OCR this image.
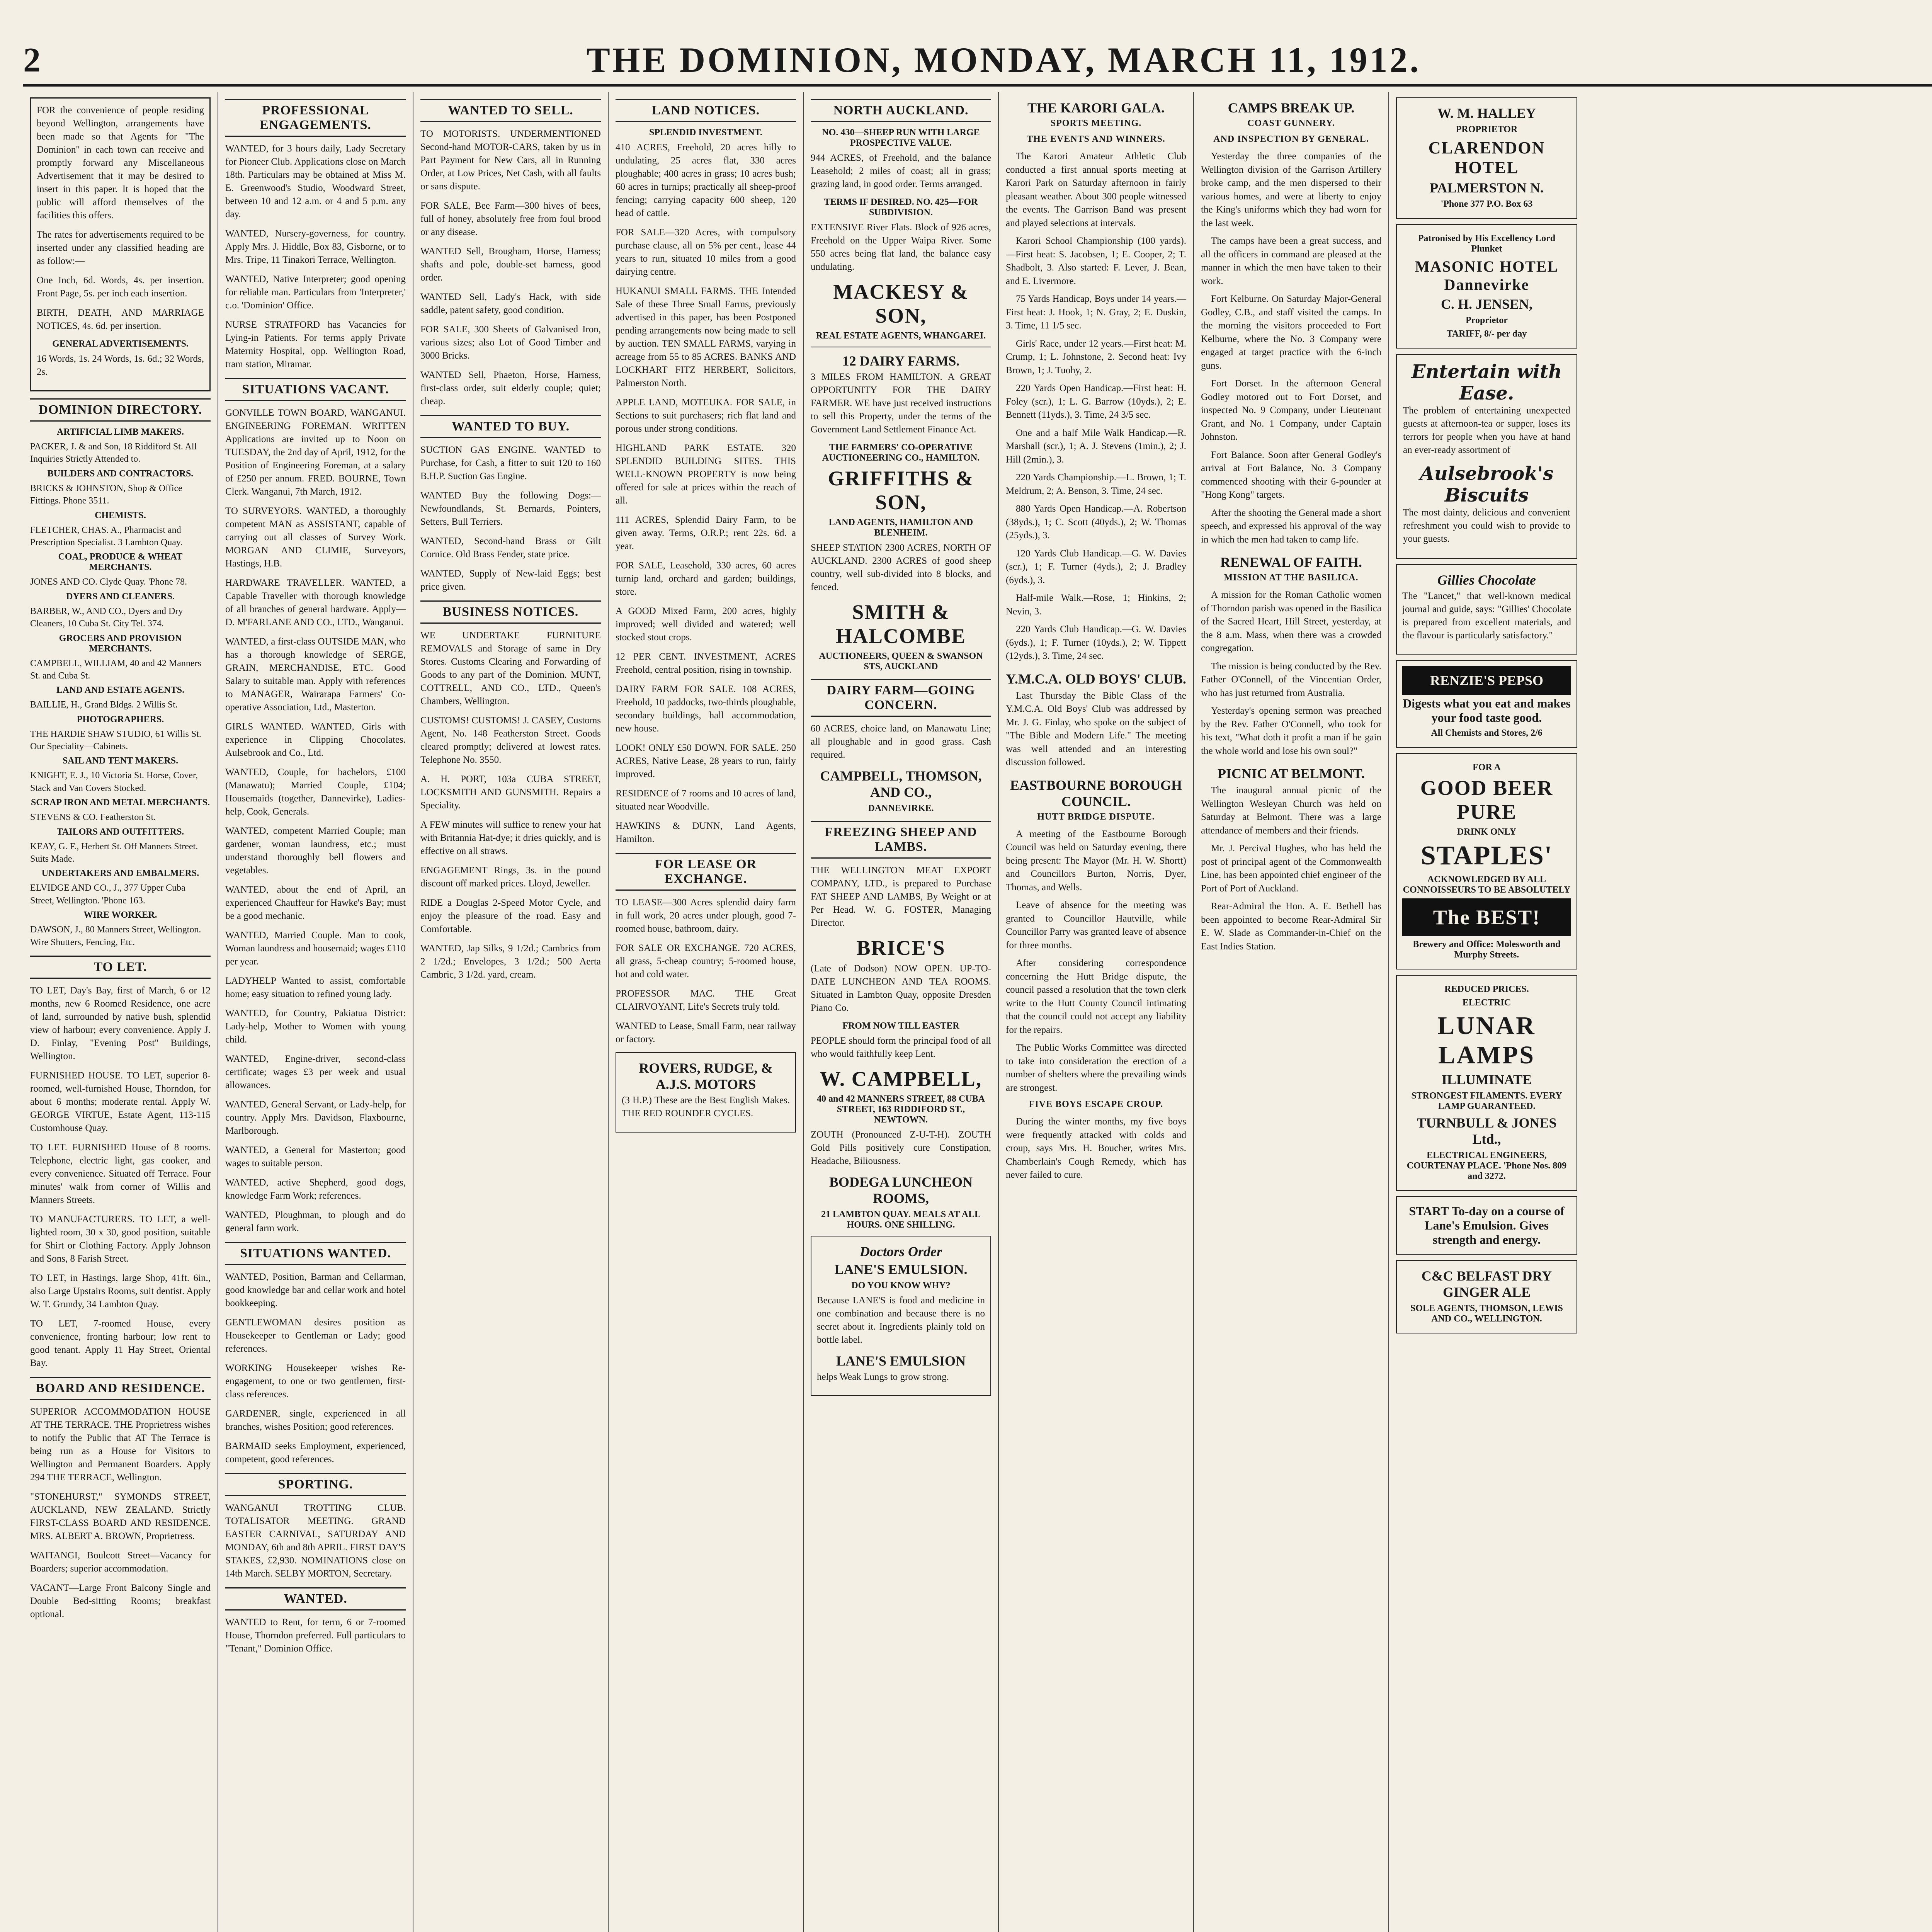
2	THE DOMINION, MONDAY, MARCH 11, 1912.
FOR the convenience of people residing beyond Wellington, arrangements have been made so that Agents for "The Dominion" in each town can receive and promptly forward any Miscellaneous Advertisement that it may be desired to insert in this paper. It is hoped that the public will afford themselves of the facilities this offers.
The rates for advertisements required to be inserted under any classified heading are as follow:—
One Inch, 6d. Words, 4s. per insertion. Front Page, 5s. per inch each insertion.
BIRTH, DEATH, AND MARRIAGE NOTICES, 4s. 6d. per insertion.
GENERAL ADVERTISEMENTS.
16 Words, 1s. 24 Words, 1s. 6d.; 32 Words, 2s.
DOMINION DIRECTORY.
ARTIFICIAL LIMB MAKERS.
PACKER, J. & and Son, 18 Riddiford St. All Inquiries Strictly Attended to.
BUILDERS AND CONTRACTORS.
BRICKS & JOHNSTON, Shop & Office Fittings. Phone 3511.
CHEMISTS.
FLETCHER, CHAS. A., Pharmacist and Prescription Specialist. 3 Lambton Quay.
COAL, PRODUCE & WHEAT MERCHANTS.
JONES AND CO. Clyde Quay. 'Phone 78.
DYERS AND CLEANERS.
BARBER, W., AND CO., Dyers and Dry Cleaners, 10 Cuba St. City Tel. 374.
GROCERS AND PROVISION MERCHANTS.
CAMPBELL, WILLIAM, 40 and 42 Manners St. and Cuba St.
LAND AND ESTATE AGENTS.
BAILLIE, H., Grand Bldgs. 2 Willis St.
PHOTOGRAPHERS.
THE HARDIE SHAW STUDIO, 61 Willis St. Our Speciality—Cabinets.
SAIL AND TENT MAKERS.
KNIGHT, E. J., 10 Victoria St. Horse, Cover, Stack and Van Covers Stocked.
SCRAP IRON AND METAL MERCHANTS.
STEVENS & CO. Featherston St.
TAILORS AND OUTFITTERS.
KEAY, G. F., Herbert St. Off Manners Street. Suits Made.
UNDERTAKERS AND EMBALMERS.
ELVIDGE AND CO., J., 377 Upper Cuba Street, Wellington. 'Phone 163.
WIRE WORKER.
DAWSON, J., 80 Manners Street, Wellington. Wire Shutters, Fencing, Etc.
TO LET.
TO LET, Day's Bay, first of March, 6 or 12 months, new 6 Roomed Residence, one acre of land, surrounded by native bush, splendid view of harbour; every convenience. Apply J. D. Finlay, "Evening Post" Buildings, Wellington.
FURNISHED HOUSE. TO LET, superior 8-roomed, well-furnished House, Thorndon, for about 6 months; moderate rental. Apply W. GEORGE VIRTUE, Estate Agent, 113-115 Customhouse Quay.
TO LET. FURNISHED House of 8 rooms. Telephone, electric light, gas cooker, and every convenience. Situated off Terrace. Four minutes' walk from corner of Willis and Manners Streets.
TO MANUFACTURERS. TO LET, a well-lighted room, 30 x 30, good position, suitable for Shirt or Clothing Factory. Apply Johnson and Sons, 8 Farish Street.
TO LET, in Hastings, large Shop, 41ft. 6in., also Large Upstairs Rooms, suit dentist. Apply W. T. Grundy, 34 Lambton Quay.
TO LET, 7-roomed House, every convenience, fronting harbour; low rent to good tenant. Apply 11 Hay Street, Oriental Bay.
BOARD AND RESIDENCE.
SUPERIOR ACCOMMODATION HOUSE AT THE TERRACE. THE Proprietress wishes to notify the Public that AT The Terrace is being run as a House for Visitors to Wellington and Permanent Boarders. Apply 294 THE TERRACE, Wellington.
"STONEHURST," SYMONDS STREET, AUCKLAND, NEW ZEALAND. Strictly FIRST-CLASS BOARD AND RESIDENCE. MRS. ALBERT A. BROWN, Proprietress.
WAITANGI, Boulcott Street—Vacancy for Boarders; superior accommodation.
VACANT—Large Front Balcony Single and Double Bed-sitting Rooms; breakfast optional.
PROFESSIONAL ENGAGEMENTS.
WANTED, for 3 hours daily, Lady Secretary for Pioneer Club. Applications close on March 18th. Particulars may be obtained at Miss M. E. Greenwood's Studio, Woodward Street, between 10 and 12 a.m. or 4 and 5 p.m. any day.
WANTED, Nursery-governess, for country. Apply Mrs. J. Hiddle, Box 83, Gisborne, or to Mrs. Tripe, 11 Tinakori Terrace, Wellington.
WANTED, Native Interpreter; good opening for reliable man. Particulars from 'Interpreter,' c.o. 'Dominion' Office.
NURSE STRATFORD has Vacancies for Lying-in Patients. For terms apply Private Maternity Hospital, opp. Wellington Road, tram station, Miramar.
SITUATIONS VACANT.
GONVILLE TOWN BOARD, WANGANUI. ENGINEERING FOREMAN. WRITTEN Applications are invited up to Noon on TUESDAY, the 2nd day of April, 1912, for the Position of Engineering Foreman, at a salary of £250 per annum. FRED. BOURNE, Town Clerk. Wanganui, 7th March, 1912.
TO SURVEYORS. WANTED, a thoroughly competent MAN as ASSISTANT, capable of carrying out all classes of Survey Work. MORGAN AND CLIMIE, Surveyors, Hastings, H.B.
HARDWARE TRAVELLER. WANTED, a Capable Traveller with thorough knowledge of all branches of general hardware. Apply— D. M'FARLANE AND CO., LTD., Wanganui.
WANTED, a first-class OUTSIDE MAN, who has a thorough knowledge of SERGE, GRAIN, MERCHANDISE, ETC. Good Salary to suitable man. Apply with references to MANAGER, Wairarapa Farmers' Co-operative Association, Ltd., Masterton.
GIRLS WANTED. WANTED, Girls with experience in Clipping Chocolates. Aulsebrook and Co., Ltd.
WANTED, Couple, for bachelors, £100 (Manawatu); Married Couple, £104; Housemaids (together, Dannevirke), Ladies-help, Cook, Generals.
WANTED, competent Married Couple; man gardener, woman laundress, etc.; must understand thoroughly bell flowers and vegetables.
WANTED, about the end of April, an experienced Chauffeur for Hawke's Bay; must be a good mechanic.
WANTED, Married Couple. Man to cook, Woman laundress and housemaid; wages £110 per year.
LADYHELP Wanted to assist, comfortable home; easy situation to refined young lady.
WANTED, for Country, Pakiatua District: Lady-help, Mother to Women with young child.
WANTED, Engine-driver, second-class certificate; wages £3 per week and usual allowances.
WANTED, General Servant, or Lady-help, for country. Apply Mrs. Davidson, Flaxbourne, Marlborough.
WANTED, a General for Masterton; good wages to suitable person.
WANTED, active Shepherd, good dogs, knowledge Farm Work; references.
WANTED, Ploughman, to plough and do general farm work.
SITUATIONS WANTED.
WANTED, Position, Barman and Cellarman, good knowledge bar and cellar work and hotel bookkeeping.
GENTLEWOMAN desires position as Housekeeper to Gentleman or Lady; good references.
WORKING Housekeeper wishes Re-engagement, to one or two gentlemen, first-class references.
GARDENER, single, experienced in all branches, wishes Position; good references.
BARMAID seeks Employment, experienced, competent, good references.
SPORTING.
WANGANUI TROTTING CLUB. TOTALISATOR MEETING. GRAND EASTER CARNIVAL, SATURDAY AND MONDAY, 6th and 8th APRIL. FIRST DAY'S STAKES, £2,930. NOMINATIONS close on 14th March. SELBY MORTON, Secretary.
WANTED.
WANTED to Rent, for term, 6 or 7-roomed House, Thorndon preferred. Full particulars to "Tenant," Dominion Office.
WANTED TO SELL.
TO MOTORISTS. UNDERMENTIONED Second-hand MOTOR-CARS, taken by us in Part Payment for New Cars, all in Running Order, at Low Prices, Net Cash, with all faults or sans dispute.
FOR SALE, Bee Farm—300 hives of bees, full of honey, absolutely free from foul brood or any disease.
WANTED Sell, Brougham, Horse, Harness; shafts and pole, double-set harness, good order.
WANTED Sell, Lady's Hack, with side saddle, patent safety, good condition.
FOR SALE, 300 Sheets of Galvanised Iron, various sizes; also Lot of Good Timber and 3000 Bricks.
WANTED Sell, Phaeton, Horse, Harness, first-class order, suit elderly couple; quiet; cheap.
WANTED TO BUY.
SUCTION GAS ENGINE. WANTED to Purchase, for Cash, a fitter to suit 120 to 160 B.H.P. Suction Gas Engine.
WANTED Buy the following Dogs:— Newfoundlands, St. Bernards, Pointers, Setters, Bull Terriers.
WANTED, Second-hand Brass or Gilt Cornice. Old Brass Fender, state price.
WANTED, Supply of New-laid Eggs; best price given.
BUSINESS NOTICES.
WE UNDERTAKE FURNITURE REMOVALS and Storage of same in Dry Stores. Customs Clearing and Forwarding of Goods to any part of the Dominion. MUNT, COTTRELL, AND CO., LTD., Queen's Chambers, Wellington.
CUSTOMS! CUSTOMS! J. CASEY, Customs Agent, No. 148 Featherston Street. Goods cleared promptly; delivered at lowest rates. Telephone No. 3550.
A. H. PORT, 103a CUBA STREET, LOCKSMITH AND GUNSMITH. Repairs a Speciality.
A FEW minutes will suffice to renew your hat with Britannia Hat-dye; it dries quickly, and is effective on all straws.
ENGAGEMENT Rings, 3s. in the pound discount off marked prices. Lloyd, Jeweller.
RIDE a Douglas 2-Speed Motor Cycle, and enjoy the pleasure of the road. Easy and Comfortable.
WANTED, Jap Silks, 9 1/2d.; Cambrics from 2 1/2d.; Envelopes, 3 1/2d.; 500 Aerta Cambric, 3 1/2d. yard, cream.
LAND NOTICES.
SPLENDID INVESTMENT.
410 ACRES, Freehold, 20 acres hilly to undulating, 25 acres flat, 330 acres ploughable; 400 acres in grass; 10 acres bush; 60 acres in turnips; practically all sheep-proof fencing; carrying capacity 600 sheep, 120 head of cattle.
FOR SALE—320 Acres, with compulsory purchase clause, all on 5% per cent., lease 44 years to run, situated 10 miles from a good dairying centre.
HUKANUI SMALL FARMS. THE Intended Sale of these Three Small Farms, previously advertised in this paper, has been Postponed pending arrangements now being made to sell by auction. TEN SMALL FARMS, varying in acreage from 55 to 85 ACRES. BANKS AND LOCKHART FITZ HERBERT, Solicitors, Palmerston North.
APPLE LAND, MOTEUKA. FOR SALE, in Sections to suit purchasers; rich flat land and porous under strong conditions.
HIGHLAND PARK ESTATE. 320 SPLENDID BUILDING SITES. THIS WELL-KNOWN PROPERTY is now being offered for sale at prices within the reach of all.
111 ACRES, Splendid Dairy Farm, to be given away. Terms, O.R.P.; rent 22s. 6d. a year.
FOR SALE, Leasehold, 330 acres, 60 acres turnip land, orchard and garden; buildings, store.
A GOOD Mixed Farm, 200 acres, highly improved; well divided and watered; well stocked stout crops.
12 PER CENT. INVESTMENT, ACRES Freehold, central position, rising in township.
DAIRY FARM FOR SALE. 108 ACRES, Freehold, 10 paddocks, two-thirds ploughable, secondary buildings, hall accommodation, new house.
LOOK! ONLY £50 DOWN. FOR SALE. 250 ACRES, Native Lease, 28 years to run, fairly improved.
RESIDENCE of 7 rooms and 10 acres of land, situated near Woodville.
HAWKINS & DUNN, Land Agents, Hamilton.
FOR LEASE OR EXCHANGE.
TO LEASE—300 Acres splendid dairy farm in full work, 20 acres under plough, good 7-roomed house, bathroom, dairy.
FOR SALE OR EXCHANGE. 720 ACRES, all grass, 5-cheap country; 5-roomed house, hot and cold water.
PROFESSOR MAC. THE Great CLAIRVOYANT, Life's Secrets truly told.
WANTED to Lease, Small Farm, near railway or factory.
ROVERS, RUDGE, & A.J.S. MOTORS
(3 H.P.) These are the Best English Makes. THE RED ROUNDER CYCLES.
NORTH AUCKLAND.
NO. 430—SHEEP RUN WITH LARGE PROSPECTIVE VALUE.
944 ACRES, of Freehold, and the balance Leasehold; 2 miles of coast; all in grass; grazing land, in good order. Terms arranged.
TERMS IF DESIRED. NO. 425—FOR SUBDIVISION.
EXTENSIVE River Flats. Block of 926 acres, Freehold on the Upper Waipa River. Some 550 acres being flat land, the balance easy undulating.
MACKESY & SON,
REAL ESTATE AGENTS, WHANGAREI.
12 DAIRY FARMS.
3 MILES FROM HAMILTON. A GREAT OPPORTUNITY FOR THE DAIRY FARMER. WE have just received instructions to sell this Property, under the terms of the Government Land Settlement Finance Act.
THE FARMERS' CO-OPERATIVE AUCTIONEERING CO., HAMILTON.
GRIFFITHS & SON,
LAND AGENTS, HAMILTON AND BLENHEIM.
SHEEP STATION 2300 ACRES, NORTH OF AUCKLAND. 2300 ACRES of good sheep country, well sub-divided into 8 blocks, and fenced.
SMITH & HALCOMBE
AUCTIONEERS, QUEEN & SWANSON STS, AUCKLAND
DAIRY FARM—GOING CONCERN.
60 ACRES, choice land, on Manawatu Line; all ploughable and in good grass. Cash required.
CAMPBELL, THOMSON, AND CO.,
DANNEVIRKE.
FREEZING SHEEP AND LAMBS.
THE WELLINGTON MEAT EXPORT COMPANY, LTD., is prepared to Purchase FAT SHEEP AND LAMBS, By Weight or at Per Head. W. G. FOSTER, Managing Director.
BRICE'S
(Late of Dodson) NOW OPEN. UP-TO-DATE LUNCHEON AND TEA ROOMS. Situated in Lambton Quay, opposite Dresden Piano Co.
FROM NOW TILL EASTER
PEOPLE should form the principal food of all who would faithfully keep Lent.
W. CAMPBELL,
40 and 42 MANNERS STREET, 88 CUBA STREET, 163 RIDDIFORD ST., NEWTOWN.
ZOUTH (Pronounced Z-U-T-H). ZOUTH Gold Pills positively cure Constipation, Headache, Biliousness.
BODEGA LUNCHEON ROOMS,
21 LAMBTON QUAY. MEALS AT ALL HOURS. ONE SHILLING.
Doctors Order
LANE'S EMULSION.
DO YOU KNOW WHY?
Because LANE'S is food and medicine in one combination and because there is no secret about it. Ingredients plainly told on bottle label.
LANE'S EMULSION
helps Weak Lungs to grow strong.
THE KARORI GALA.
SPORTS MEETING.
THE EVENTS AND WINNERS.

The Karori Amateur Athletic Club conducted a first annual sports meeting at Karori Park on Saturday afternoon in fairly pleasant weather. About 300 people witnessed the events. The Garrison Band was present and played selections at intervals.

Karori School Championship (100 yards).—First heat: S. Jacobsen, 1; E. Cooper, 2; T. Shadbolt, 3. Also started: F. Lever, J. Bean, and E. Livermore.

75 Yards Handicap, Boys under 14 years.—First heat: J. Hook, 1; N. Gray, 2; E. Duskin, 3. Time, 11 1/5 sec.

Girls' Race, under 12 years.—First heat: M. Crump, 1; L. Johnstone, 2. Second heat: Ivy Brown, 1; J. Tuohy, 2.

220 Yards Open Handicap.—First heat: H. Foley (scr.), 1; L. G. Barrow (10yds.), 2; E. Bennett (11yds.), 3. Time, 24 3/5 sec.

One and a half Mile Walk Handicap.—R. Marshall (scr.), 1; A. J. Stevens (1min.), 2; J. Hill (2min.), 3.

220 Yards Championship.—L. Brown, 1; T. Meldrum, 2; A. Benson, 3. Time, 24 sec.

880 Yards Open Handicap.—A. Robertson (38yds.), 1; C. Scott (40yds.), 2; W. Thomas (25yds.), 3.

120 Yards Club Handicap.—G. W. Davies (scr.), 1; F. Turner (4yds.), 2; J. Bradley (6yds.), 3.

Half-mile Walk.—Rose, 1; Hinkins, 2; Nevin, 3.

220 Yards Club Handicap.—G. W. Davies (6yds.), 1; F. Turner (10yds.), 2; W. Tippett (12yds.), 3. Time, 24 sec.

Y.M.C.A. OLD BOYS' CLUB.

Last Thursday the Bible Class of the Y.M.C.A. Old Boys' Club was addressed by Mr. J. G. Finlay, who spoke on the subject of "The Bible and Modern Life." The meeting was well attended and an interesting discussion followed.

EASTBOURNE BOROUGH COUNCIL.
HUTT BRIDGE DISPUTE.

A meeting of the Eastbourne Borough Council was held on Saturday evening, there being present: The Mayor (Mr. H. W. Shortt) and Councillors Burton, Norris, Dyer, Thomas, and Wells.

Leave of absence for the meeting was granted to Councillor Hautville, while Councillor Parry was granted leave of absence for three months.

After considering correspondence concerning the Hutt Bridge dispute, the council passed a resolution that the town clerk write to the Hutt County Council intimating that the council could not accept any liability for the repairs.

The Public Works Committee was directed to take into consideration the erection of a number of shelters where the prevailing winds are strongest.

FIVE BOYS ESCAPE CROUP.

During the winter months, my five boys were frequently attacked with colds and croup, says Mrs. H. Boucher, writes Mrs. Chamberlain's Cough Remedy, which has never failed to cure.

CAMPS BREAK UP.
COAST GUNNERY.
AND INSPECTION BY GENERAL.

Yesterday the three companies of the Wellington division of the Garrison Artillery broke camp, and the men dispersed to their various homes, and were at liberty to enjoy the King's uniforms which they had worn for the last week.

The camps have been a great success, and all the officers in command are pleased at the manner in which the men have taken to their work.

Fort Kelburne. On Saturday Major-General Godley, C.B., and staff visited the camps. In the morning the visitors proceeded to Fort Kelburne, where the No. 3 Company were engaged at target practice with the 6-inch guns.

Fort Dorset. In the afternoon General Godley motored out to Fort Dorset, and inspected No. 9 Company, under Lieutenant Grant, and No. 1 Company, under Captain Johnston.

Fort Balance. Soon after General Godley's arrival at Fort Balance, No. 3 Company commenced shooting with their 6-pounder at "Hong Kong" targets.

After the shooting the General made a short speech, and expressed his approval of the way in which the men had taken to camp life.

RENEWAL OF FAITH.
MISSION AT THE BASILICA.

A mission for the Roman Catholic women of Thorndon parish was opened in the Basilica of the Sacred Heart, Hill Street, yesterday, at the 8 a.m. Mass, when there was a crowded congregation.

The mission is being conducted by the Rev. Father O'Connell, of the Vincentian Order, who has just returned from Australia.

Yesterday's opening sermon was preached by the Rev. Father O'Connell, who took for his text, "What doth it profit a man if he gain the whole world and lose his own soul?"

PICNIC AT BELMONT.

The inaugural annual picnic of the Wellington Wesleyan Church was held on Saturday at Belmont. There was a large attendance of members and their friends.

Mr. J. Percival Hughes, who has held the post of principal agent of the Commonwealth Line, has been appointed chief engineer of the Port of Port of Auckland.

Rear-Admiral the Hon. A. E. Bethell has been appointed to become Rear-Admiral Sir E. W. Slade as Commander-in-Chief on the East Indies Station.

W. M. HALLEY
PROPRIETOR
CLARENDON HOTEL
PALMERSTON N.
'Phone 377 P.O. Box 63
Patronised by His Excellency Lord Plunket
MASONIC HOTEL Dannevirke
C. H. JENSEN,
Proprietor
TARIFF, 8/- per day
Entertain with Ease.
The problem of entertaining unexpected guests at afternoon-tea or supper, loses its terrors for people when you have at hand an ever-ready assortment of
Aulsebrook's Biscuits
The most dainty, delicious and convenient refreshment you could wish to provide to your guests.
Gillies Chocolate
The "Lancet," that well-known medical journal and guide, says: "Gillies' Chocolate is prepared from excellent materials, and the flavour is particularly satisfactory."
RENZIE'S PEPSO
Digests what you eat and makes your food taste good.
All Chemists and Stores, 2/6
FOR A
GOOD BEER PURE
DRINK ONLY
STAPLES'
ACKNOWLEDGED BY ALL CONNOISSEURS TO BE ABSOLUTELY
The BEST!
Brewery and Office: Molesworth and Murphy Streets.
REDUCED PRICES.
ELECTRIC
LUNAR
LAMPS
ILLUMINATE
STRONGEST FILAMENTS. EVERY LAMP GUARANTEED.
TURNBULL & JONES Ltd.,
ELECTRICAL ENGINEERS, COURTENAY PLACE. 'Phone Nos. 809 and 3272.
START To-day on a course of Lane's Emulsion. Gives strength and energy.
C&C BELFAST DRY GINGER ALE
SOLE AGENTS, THOMSON, LEWIS AND CO., WELLINGTON.
